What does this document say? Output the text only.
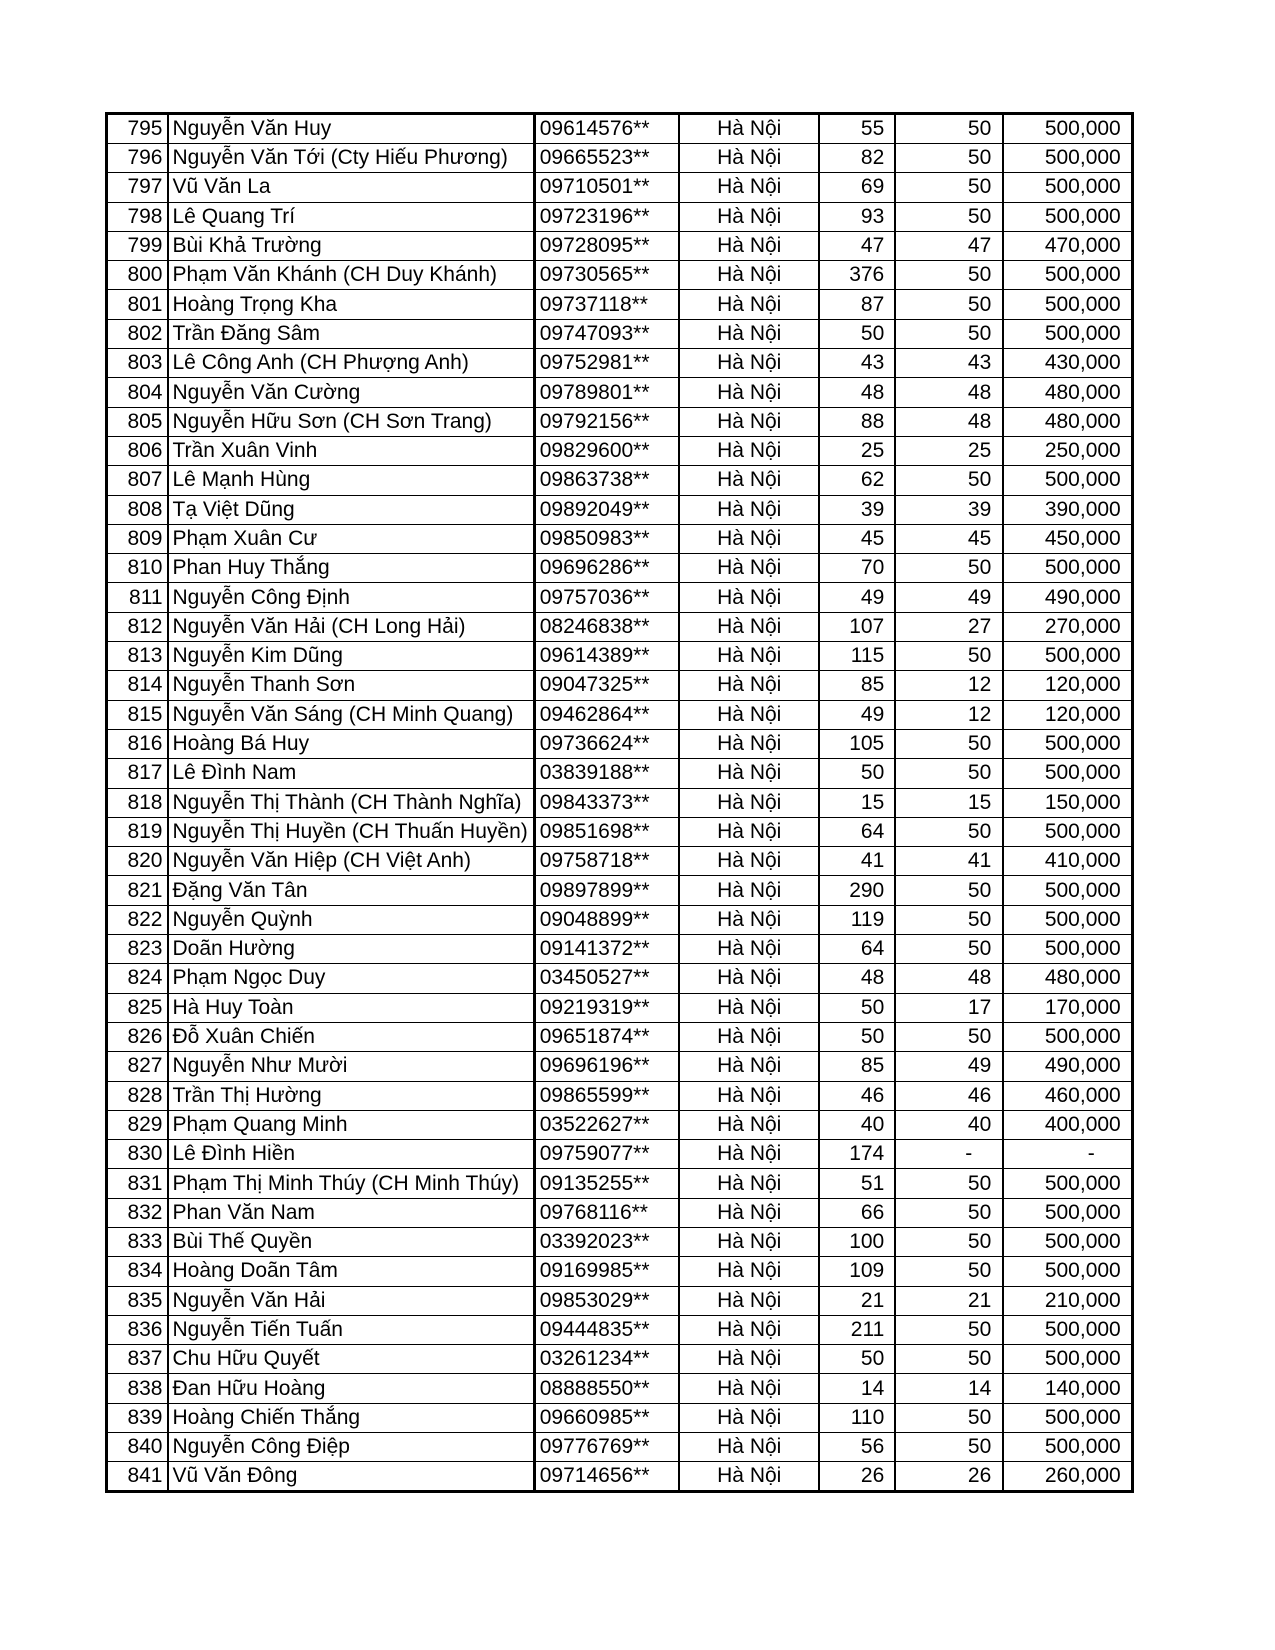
795	Nguyễn Văn Huy	09614576**	Hà Nội	55	50	500,000
796	Nguyễn Văn Tới (Cty Hiếu Phương)	09665523**	Hà Nội	82	50	500,000
797	Vũ Văn La	09710501**	Hà Nội	69	50	500,000
798	Lê Quang Trí	09723196**	Hà Nội	93	50	500,000
799	Bùi Khả Trường	09728095**	Hà Nội	47	47	470,000
800	Phạm Văn Khánh (CH Duy Khánh)	09730565**	Hà Nội	376	50	500,000
801	Hoàng Trọng Kha	09737118**	Hà Nội	87	50	500,000
802	Trần Đăng Sâm	09747093**	Hà Nội	50	50	500,000
803	Lê Công Anh (CH Phượng Anh)	09752981**	Hà Nội	43	43	430,000
804	Nguyễn Văn Cường	09789801**	Hà Nội	48	48	480,000
805	Nguyễn Hữu Sơn (CH Sơn Trang)	09792156**	Hà Nội	88	48	480,000
806	Trần Xuân Vinh	09829600**	Hà Nội	25	25	250,000
807	Lê Mạnh Hùng	09863738**	Hà Nội	62	50	500,000
808	Tạ Việt Dũng	09892049**	Hà Nội	39	39	390,000
809	Phạm Xuân Cư	09850983**	Hà Nội	45	45	450,000
810	Phan Huy Thắng	09696286**	Hà Nội	70	50	500,000
811	Nguyễn Công Định	09757036**	Hà Nội	49	49	490,000
812	Nguyễn Văn Hải (CH Long Hải)	08246838**	Hà Nội	107	27	270,000
813	Nguyễn Kim Dũng	09614389**	Hà Nội	115	50	500,000
814	Nguyễn Thanh Sơn	09047325**	Hà Nội	85	12	120,000
815	Nguyễn Văn Sáng (CH Minh Quang)	09462864**	Hà Nội	49	12	120,000
816	Hoàng Bá Huy	09736624**	Hà Nội	105	50	500,000
817	Lê Đình Nam	03839188**	Hà Nội	50	50	500,000
818	Nguyễn Thị Thành (CH Thành Nghĩa)	09843373**	Hà Nội	15	15	150,000
819	Nguyễn Thị Huyền (CH Thuấn Huyền)	09851698**	Hà Nội	64	50	500,000
820	Nguyễn Văn Hiệp (CH Việt Anh)	09758718**	Hà Nội	41	41	410,000
821	Đặng Văn Tân	09897899**	Hà Nội	290	50	500,000
822	Nguyễn Quỳnh	09048899**	Hà Nội	119	50	500,000
823	Doãn Hường	09141372**	Hà Nội	64	50	500,000
824	Phạm Ngọc Duy	03450527**	Hà Nội	48	48	480,000
825	Hà Huy Toàn	09219319**	Hà Nội	50	17	170,000
826	Đỗ Xuân Chiến	09651874**	Hà Nội	50	50	500,000
827	Nguyễn Như Mười	09696196**	Hà Nội	85	49	490,000
828	Trần Thị Hường	09865599**	Hà Nội	46	46	460,000
829	Phạm Quang Minh	03522627**	Hà Nội	40	40	400,000
830	Lê Đình Hiền	09759077**	Hà Nội	174	-	-
831	Phạm Thị Minh Thúy (CH Minh Thúy)	09135255**	Hà Nội	51	50	500,000
832	Phan Văn Nam	09768116**	Hà Nội	66	50	500,000
833	Bùi Thế Quyền	03392023**	Hà Nội	100	50	500,000
834	Hoàng Doãn Tâm	09169985**	Hà Nội	109	50	500,000
835	Nguyễn Văn Hải	09853029**	Hà Nội	21	21	210,000
836	Nguyễn Tiến Tuấn	09444835**	Hà Nội	211	50	500,000
837	Chu Hữu Quyết	03261234**	Hà Nội	50	50	500,000
838	Đan Hữu Hoàng	08888550**	Hà Nội	14	14	140,000
839	Hoàng Chiến Thắng	09660985**	Hà Nội	110	50	500,000
840	Nguyễn Công Điệp	09776769**	Hà Nội	56	50	500,000
841	Vũ Văn Đông	09714656**	Hà Nội	26	26	260,000
